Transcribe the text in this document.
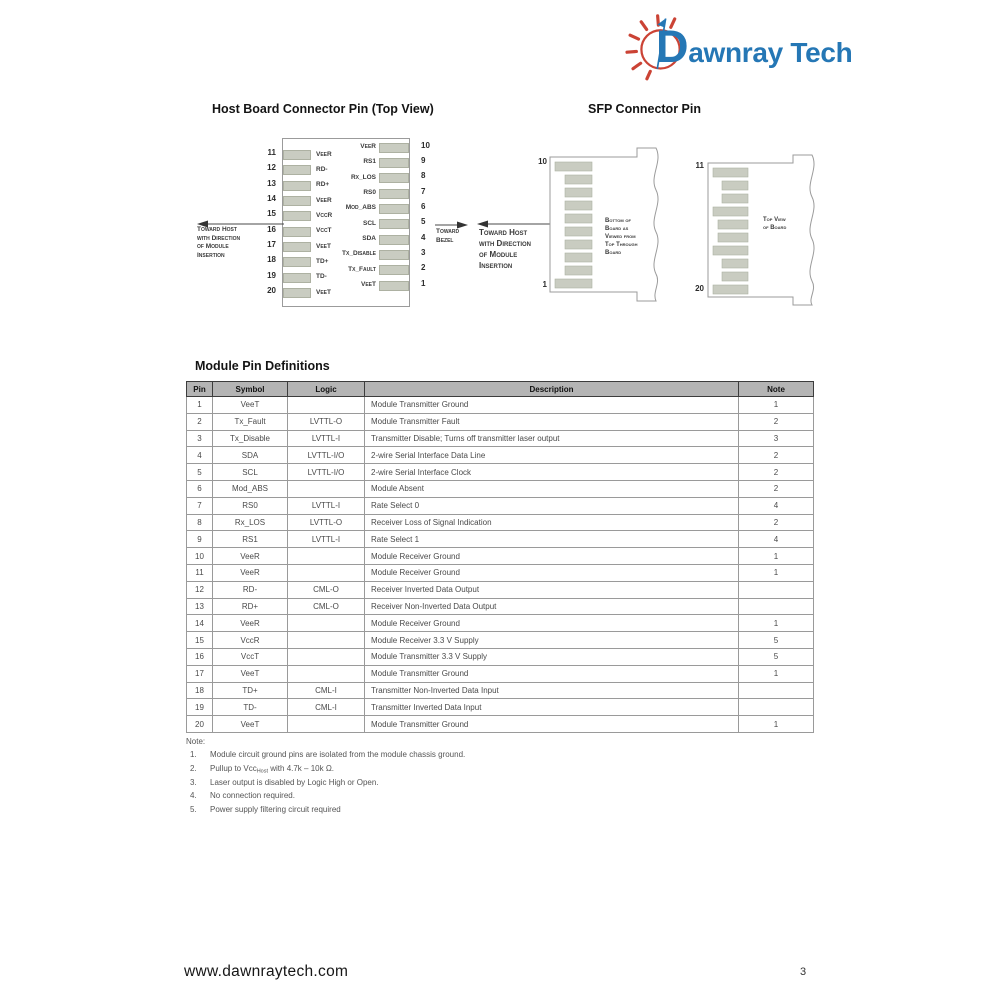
Dawnray Tech
Host Board Connector Pin (Top View)	SFP Connector Pin
11	VeeR
12	RD-
13	RD+
14	VeeR
15	VccR
16	VccT
17	VeeT
18	TD+
19	TD-
20	VeeT
VeeR	10
RS1	9
Rx_LOS	8
RS0	7
Mod_ABS	6
SCL	5
SDA	4
Tx_Disable	3
Tx_Fault	2
VeeT	1
Toward Host
with Direction
of Module
Insertion
Toward
Bezel
Toward Host
with Direction
of Module
Insertion
10
1
Bottom of
Board as
Viewed from
Top Through
Board
11
20
Top View
of Board
Module Pin Definitions
Pin	Symbol	Logic	Description	Note
1	VeeT		Module Transmitter Ground	1
2	Tx_Fault	LVTTL-O	Module Transmitter Fault	2
3	Tx_Disable	LVTTL-I	Transmitter Disable; Turns off transmitter laser output	3
4	SDA	LVTTL-I/O	2-wire Serial Interface Data Line	2
5	SCL	LVTTL-I/O	2-wire Serial Interface Clock	2
6	Mod_ABS		Module Absent	2
7	RS0	LVTTL-I	Rate Select 0	4
8	Rx_LOS	LVTTL-O	Receiver Loss of Signal Indication	2
9	RS1	LVTTL-I	Rate Select 1	4
10	VeeR		Module Receiver Ground	1
11	VeeR		Module Receiver Ground	1
12	RD-	CML-O	Receiver Inverted Data Output	
13	RD+	CML-O	Receiver Non-Inverted Data Output	
14	VeeR		Module Receiver Ground	1
15	VccR		Module Receiver 3.3 V Supply	5
16	VccT		Module Transmitter 3.3 V Supply	5
17	VeeT		Module Transmitter Ground	1
18	TD+	CML-I	Transmitter Non-Inverted Data Input	
19	TD-	CML-I	Transmitter Inverted Data Input	
20	VeeT		Module Transmitter Ground	1
Note:
1.	Module circuit ground pins are isolated from the module chassis ground.
2.	Pullup to VccHost with 4.7k – 10k Ω.
3.	Laser output is disabled by Logic High or Open.
4.	No connection required.
5.	Power supply filtering circuit required
www.dawnraytech.com	3
